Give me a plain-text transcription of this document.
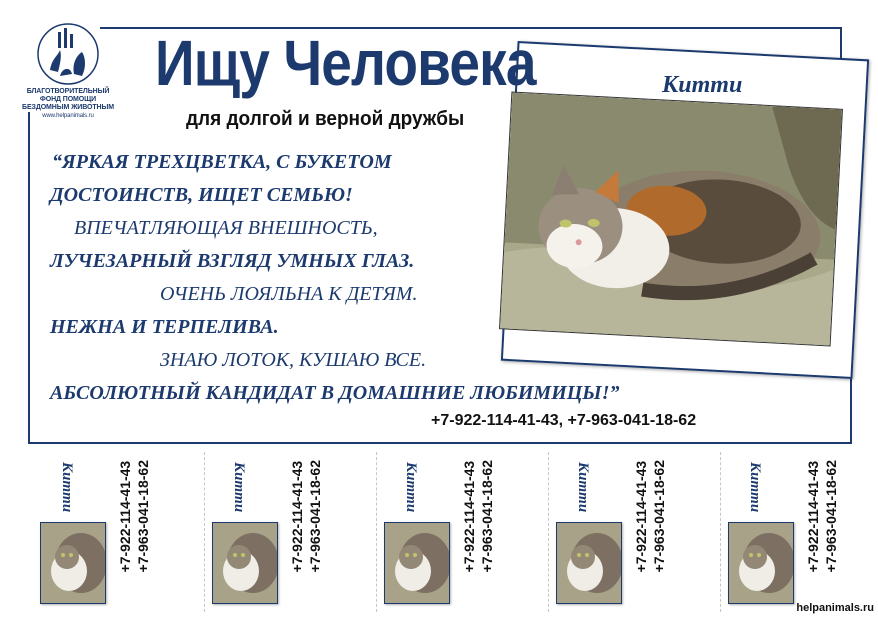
БЛАГОТВОРИТЕЛЬНЫЙ
ФОНД ПОМОЩИ
БЕЗДОМНЫМ ЖИВОТНЫМ
www.helpanimals.ru
Китти
Ищу Человека
для долгой и верной дружбы
“ЯРКАЯ ТРЕХЦВЕТКА, С БУКЕТОМ
ДОСТОИНСТВ, ИЩЕТ СЕМЬЮ!
ВПЕЧАТЛЯЮЩАЯ ВНЕШНОСТЬ,
ЛУЧЕЗАРНЫЙ ВЗГЛЯД УМНЫХ ГЛАЗ.
ОЧЕНЬ ЛОЯЛЬНА К ДЕТЯМ.
НЕЖНА И ТЕРПЕЛИВА.
ЗНАЮ ЛОТОК, КУШАЮ ВСЕ.
АБСОЛЮТНЫЙ КАНДИДАТ В ДОМАШНИЕ ЛЮБИМИЦЫ!”
+7-922-114-41-43, +7-963-041-18-62
Китти	+7-922-114-41-43 +7-963-041-18-62	Китти	+7-922-114-41-43 +7-963-041-18-62	Китти	+7-922-114-41-43 +7-963-041-18-62	Китти	+7-922-114-41-43 +7-963-041-18-62	Китти	+7-922-114-41-43 +7-963-041-18-62
helpanimals.ru
